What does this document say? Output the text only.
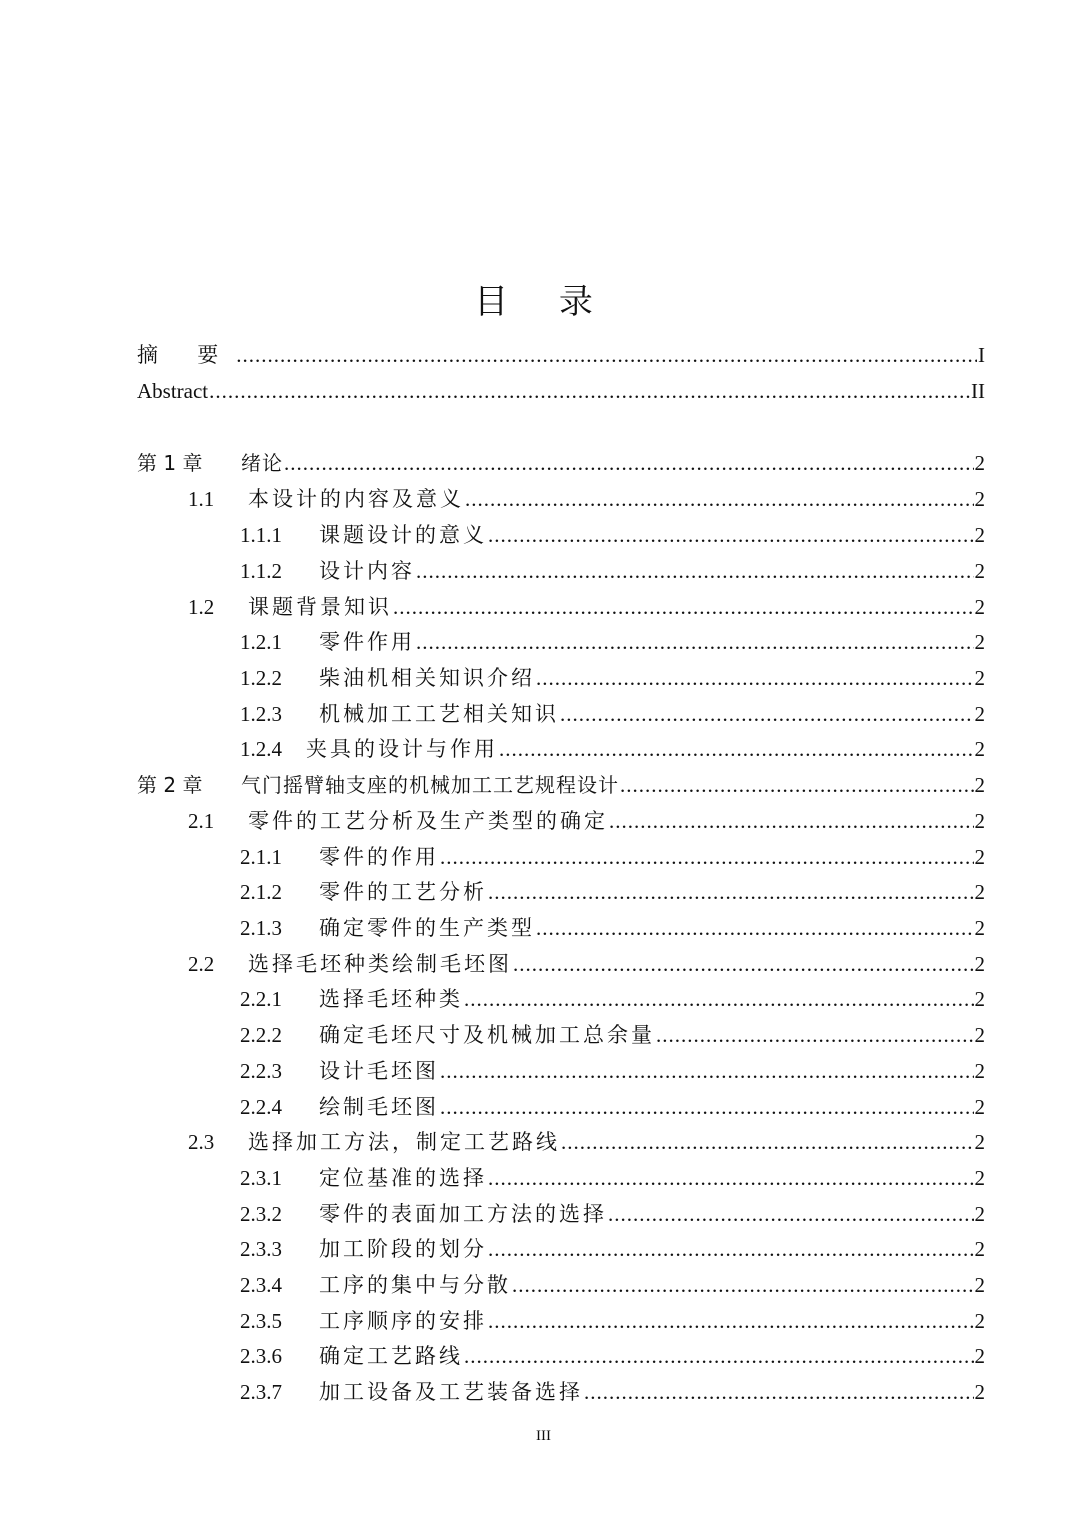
目 录
摘 要 .....	I
Abstract .....	II
第 1 章	绪论 .....	2
1.1	本设计的内容及意义 .....	2
1.1.1	课题设计的意义 .....	2
1.1.2	设计内容 .....	2
1.2	课题背景知识 .....	2
1.2.1	零件作用 .....	2
1.2.2	柴油机相关知识介绍 .....	2
1.2.3	机械加工工艺相关知识 .....	2
1.2.4	夹具的设计与作用 .....	2
第 2 章	气门摇臂轴支座的机械加工工艺规程设计 .....	2
2.1	零件的工艺分析及生产类型的确定 .....	2
2.1.1	零件的作用 .....	2
2.1.2	零件的工艺分析 .....	2
2.1.3	确定零件的生产类型 .....	2
2.2	选择毛坯种类绘制毛坯图 .....	2
2.2.1	选择毛坯种类 .....	2
2.2.2	确定毛坯尺寸及机械加工总余量 .....	2
2.2.3	设计毛坯图 .....	2
2.2.4	绘制毛坯图 .....	2
2.3	选择加工方法，制定工艺路线 .....	2
2.3.1	定位基准的选择 .....	2
2.3.2	零件的表面加工方法的选择 .....	2
2.3.3	加工阶段的划分 .....	2
2.3.4	工序的集中与分散 .....	2
2.3.5	工序顺序的安排 .....	2
2.3.6	确定工艺路线 .....	2
2.3.7	加工设备及工艺装备选择 .....	2
III
